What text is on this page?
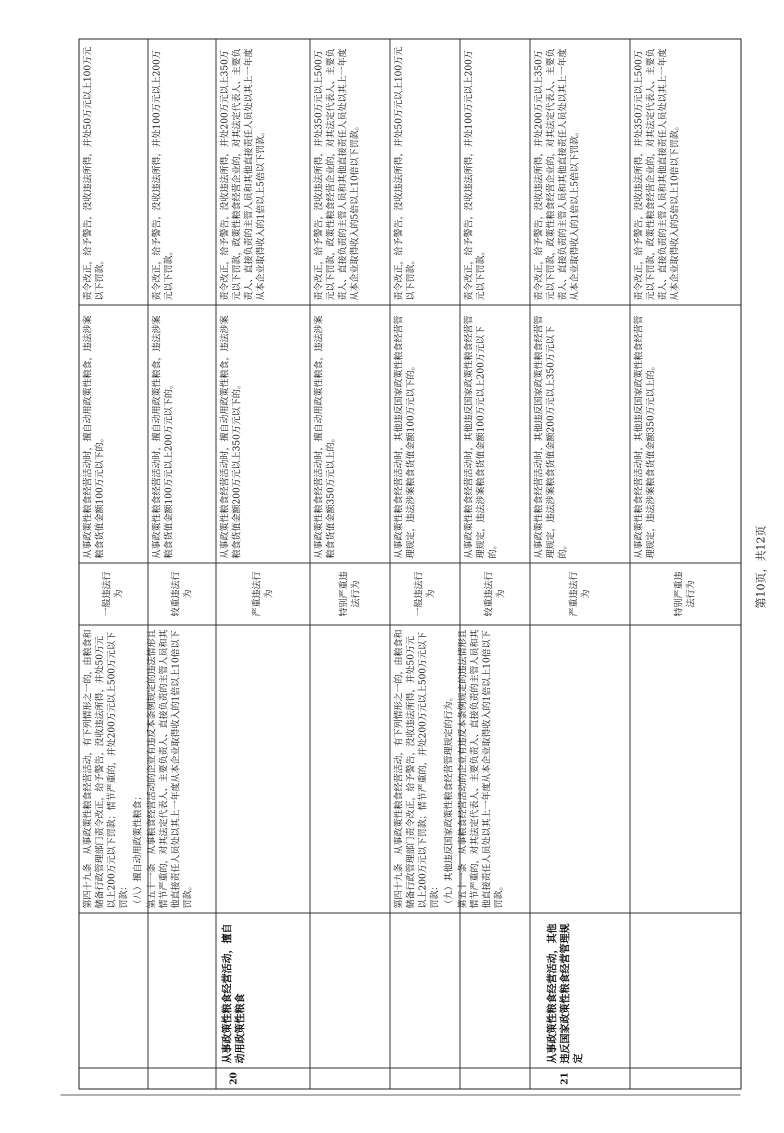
20
从事政策性粮食经营活动，擅自动用政策性粮食

第四十九条　从事政策性粮食经营活动，有下列情形之一的，由粮食和储备行政管理部门责令改正，给予警告，没收违法所得，并处50万元以上200万元以下罚款；情节严重的，并处200万元以上500万元以下罚款： （八）擅自动用政策性粮食； 第五十一条　从事粮食经营活动的企业有违反本条例规定的违法情形且情节严重的，对其法定代表人、主要负责人、直接负责的主管人员和其他直接责任人员处以其上一年度从本企业取得收入的1倍以上10倍以下罚款。

一般违法行为
从事政策性粮食经营活动时，擅自动用政策性粮食，违法涉案粮食货值金额100万元以下的。
责令改正，给予警告，没收违法所得，并处50万元以上100万元以下罚款。
较重违法行为
从事政策性粮食经营活动时，擅自动用政策性粮食，违法涉案粮食货值金额100万元以上200万元以下的。
责令改正，给予警告，没收违法所得，并处100万元以上200万元以下罚款。
严重违法行为
从事政策性粮食经营活动时，擅自动用政策性粮食，违法涉案粮食货值金额200万元以上350万元以下的。
责令改正，给予警告，没收违法所得，并处200万元以上350万元以下罚款，政策性粮食经营企业的，对其法定代表人、主要负责人、直接负责的主管人员和其他直接责任人员处以其上一年度从本企业取得收入的1倍以上5倍以下罚款。
特别严重违法行为
从事政策性粮食经营活动时，擅自动用政策性粮食，违法涉案粮食货值金额350万元以上的。
责令改正，给予警告，没收违法所得，并处350万元以上500万元以下罚款，政策性粮食经营企业的，对其法定代表人、主要负责人、直接负责的主管人员和其他直接责任人员处以其上一年度从本企业取得收入的5倍以上10倍以下罚款。
21
从事政策性粮食经营活动，其他违反国家政策性粮食经营管理规定

第四十九条　从事政策性粮食经营活动，有下列情形之一的，由粮食和储备行政管理部门责令改正，给予警告，没收违法所得，并处50万元以上200万元以下罚款；情节严重的，并处200万元以上500万元以下罚款： （九）其他违反国家政策性粮食经营管理规定的行为。 第五十一条　从事粮食经营活动的企业有违反本条例规定的违法情形且情节严重的，对其法定代表人、主要负责人、直接负责的主管人员和其他直接责任人员处以其上一年度从本企业取得收入的1倍以上10倍以下罚款。

一般违法行为
从事政策性粮食经营活动时，其他违反国家政策性粮食经营管理规定，违法涉案粮食货值金额100万元以下的。
责令改正，给予警告，没收违法所得，并处50万元以上100万元以下罚款。
较重违法行为
从事政策性粮食经营活动时，其他违反国家政策性粮食经营管理规定，违法涉案粮食货值金额100万元以上200万元以下的。
责令改正，给予警告，没收违法所得，并处100万元以上200万元以下罚款。
严重违法行为
从事政策性粮食经营活动时，其他违反国家政策性粮食经营管理规定，违法涉案粮食货值金额200万元以上350万元以下的。
责令改正，给予警告，没收违法所得，并处200万元以上350万元以下罚款，政策性粮食经营企业的，对其法定代表人、主要负责人、直接负责的主管人员和其他直接责任人员处以其上一年度从本企业取得收入的1倍以上5倍以下罚款。
特别严重违法行为
从事政策性粮食经营活动时，其他违反国家政策性粮食经营管理规定，违法涉案粮食货值金额350万元以上的。
责令改正，给予警告，没收违法所得，并处350万元以上500万元以下罚款，政策性粮食经营企业的，对其法定代表人、主要负责人、直接负责的主管人员和其他直接责任人员处以其上一年度从本企业取得收入的5倍以上10倍以下罚款。
第10页，共12页
